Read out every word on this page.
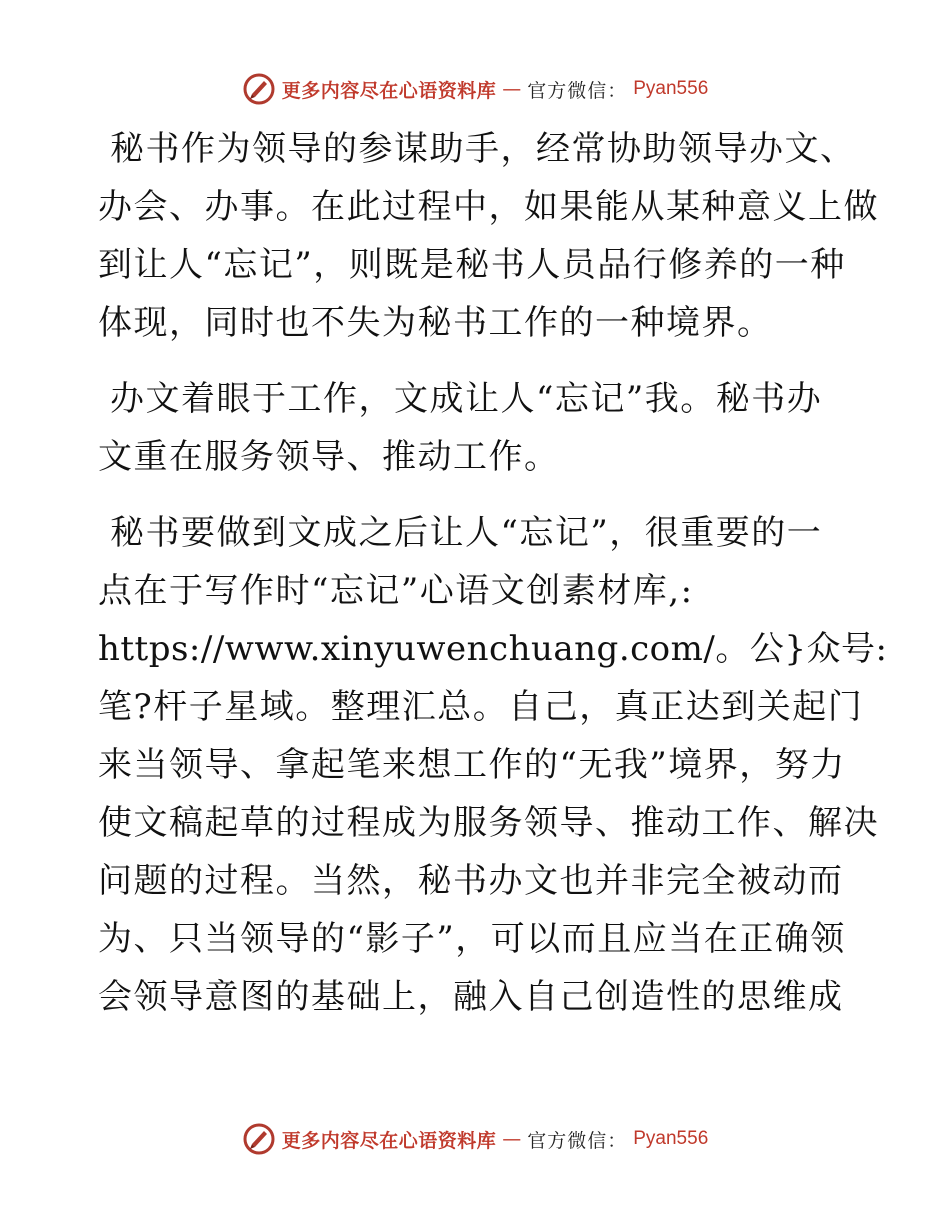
更多内容尽在心语资料库 — 官方微信： Pyan556

秘书作为领导的参谋助手，经常协助领导办文、
办会、办事。在此过程中，如果能从某种意义上做
到让人“忘记”，则既是秘书人员品行修养的一种
体现，同时也不失为秘书工作的一种境界。

办文着眼于工作，文成让人“忘记”我。秘书办
文重在服务领导、推动工作。

秘书要做到文成之后让人“忘记”，很重要的一
点在于写作时“忘记”心语文创素材库,:
https://www.xinyuwenchuang.com/。公}众号:
笔?杆子星域。整理汇总。自己，真正达到关起门
来当领导、拿起笔来想工作的“无我”境界，努力
使文稿起草的过程成为服务领导、推动工作、解决
问题的过程。当然，秘书办文也并非完全被动而
为、只当领导的“影子”，可以而且应当在正确领
会领导意图的基础上，融入自己创造性的思维成

更多内容尽在心语资料库 — 官方微信： Pyan556
